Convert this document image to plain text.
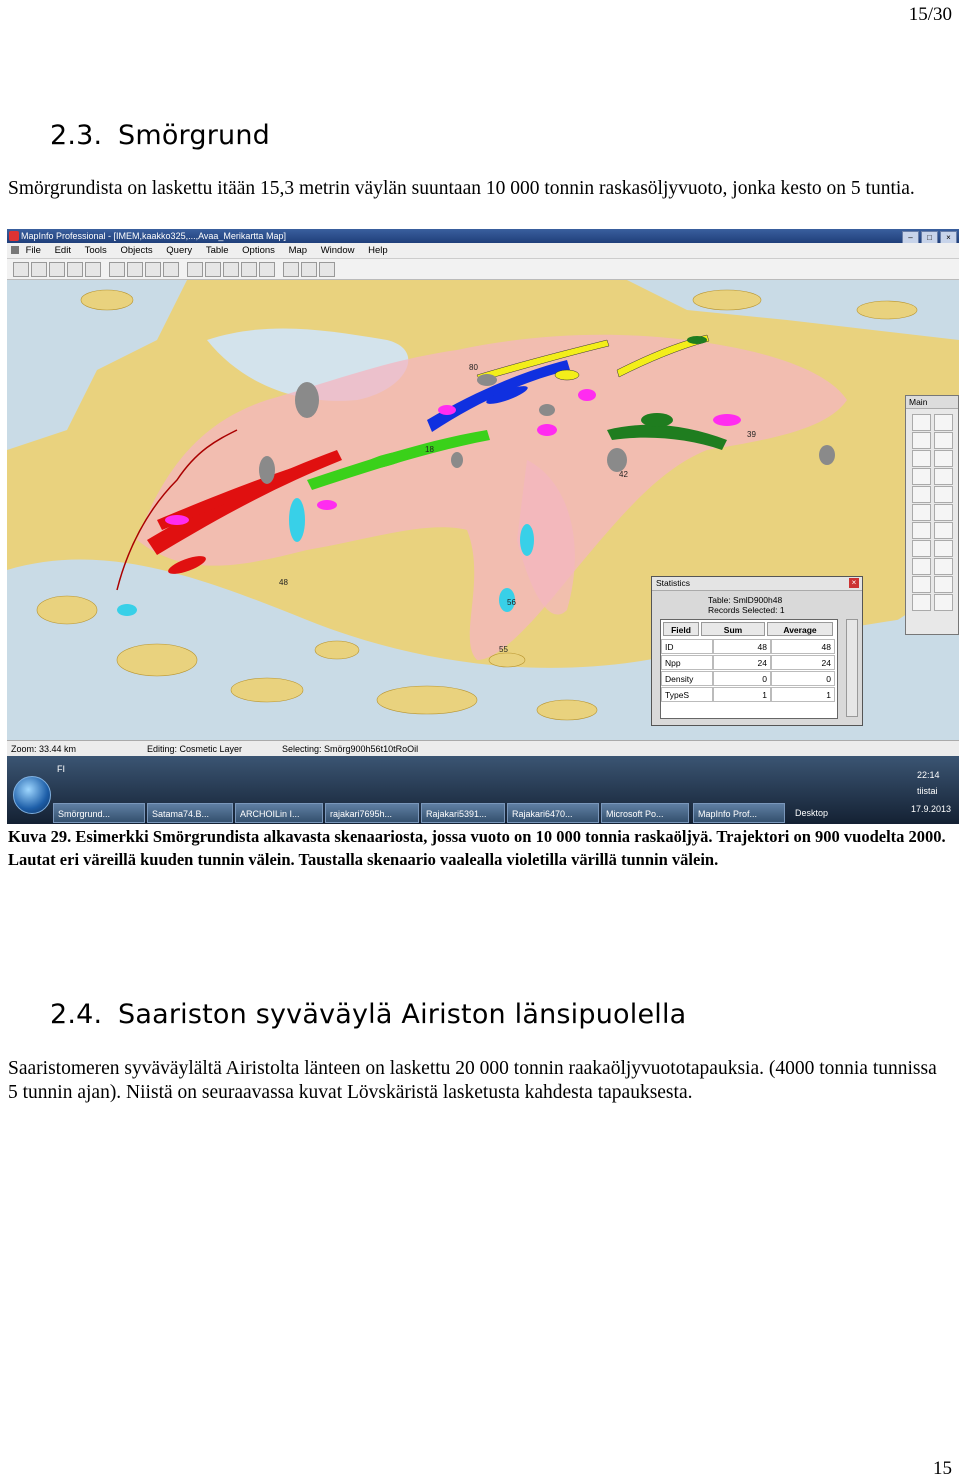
15/30
2.3. Smörgrund

Smörgrundista on laskettu itään 15,3 metrin väylän suuntaan 10 000 tonnin raskasöljyvuoto, jonka kesto on 5 tuntia.

MapInfo Professional - [IMEM,kaakko325,...,Avaa_Merikartta Map]	– □ ×
File Edit Tools Objects Query Table Options Map Window Help
80
39
18
48
56
55
42
Main
Statistics	×
Table: SmlD900h48
Records Selected: 1
Field	Sum	Average
ID	48	48
Npp	24	24
Density	0	0
TypeS	1	1
Zoom: 33.44 km	Editing: Cosmetic Layer	Selecting: Smörg900h56t10tRoOil
FI
Smörgrund...	Satama74.B...	ARCHOILin I...	rajakari7695h...	Rajakari5391...	Rajakari6470...	Microsoft Po...	MapInfo Prof...	Desktop
22:14
tiistai
17.9.2013

Kuva 29. Esimerkki Smörgrundista alkavasta skenaariosta, jossa vuoto on 10 000 tonnia raskaöljyä. Trajektori on 900 vuodelta 2000. Lautat eri väreillä kuuden tunnin välein. Taustalla skenaario vaalealla violetilla värillä tunnin välein.

2.4. Saariston syväväylä Airiston länsipuolella

Saaristomeren syväväylältä Airistolta länteen on laskettu 20 000 tonnin raakaöljyvuototapauksia. (4000 tonnia tunnissa 5 tunnin ajan). Niistä on seuraavassa kuvat Lövskäristä lasketusta kahdesta tapauksesta.

15
